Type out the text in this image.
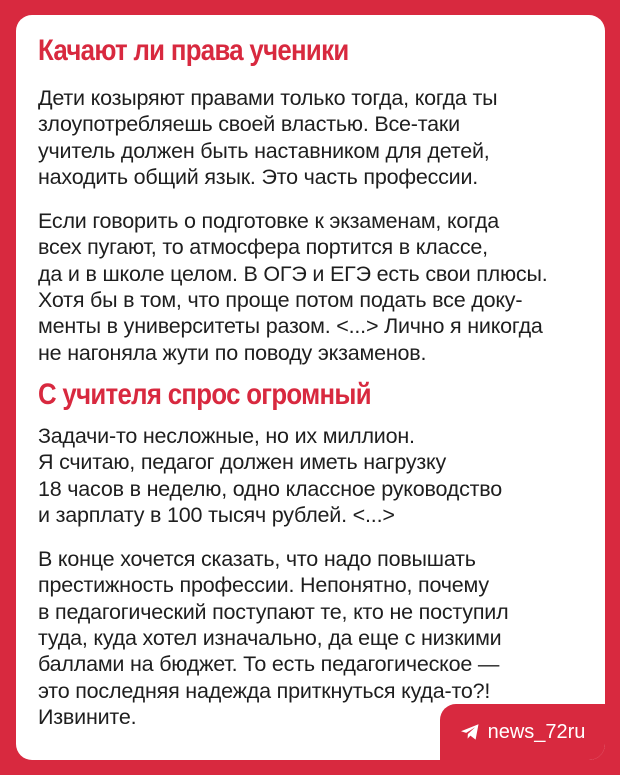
Качают ли права ученики

Дети козыряют правами только тогда, когда ты
злоупотребляешь своей властью. Все-таки
учитель должен быть наставником для детей,
находить общий язык. Это часть профессии.

Если говорить о подготовке к экзаменам, когда
всех пугают, то атмосфера портится в классе,
да и в школе целом. В ОГЭ и ЕГЭ есть свои плюсы.
Хотя бы в том, что проще потом подать все доку-
менты в университеты разом. <...> Лично я никогда
не нагоняла жути по поводу экзаменов.

С учителя спрос огромный

Задачи-то несложные, но их миллион.
Я считаю, педагог должен иметь нагрузку
18 часов в неделю, одно классное руководство
и зарплату в 100 тысяч рублей. <...>

В конце хочется сказать, что надо повышать
престижность профессии. Непонятно, почему
в педагогический поступают те, кто не поступил
туда, куда хотел изначально, да еще с низкими
баллами на бюджет. То есть педагогическое —
это последняя надежда приткнуться куда-то?!
Извините.

news_72ru
